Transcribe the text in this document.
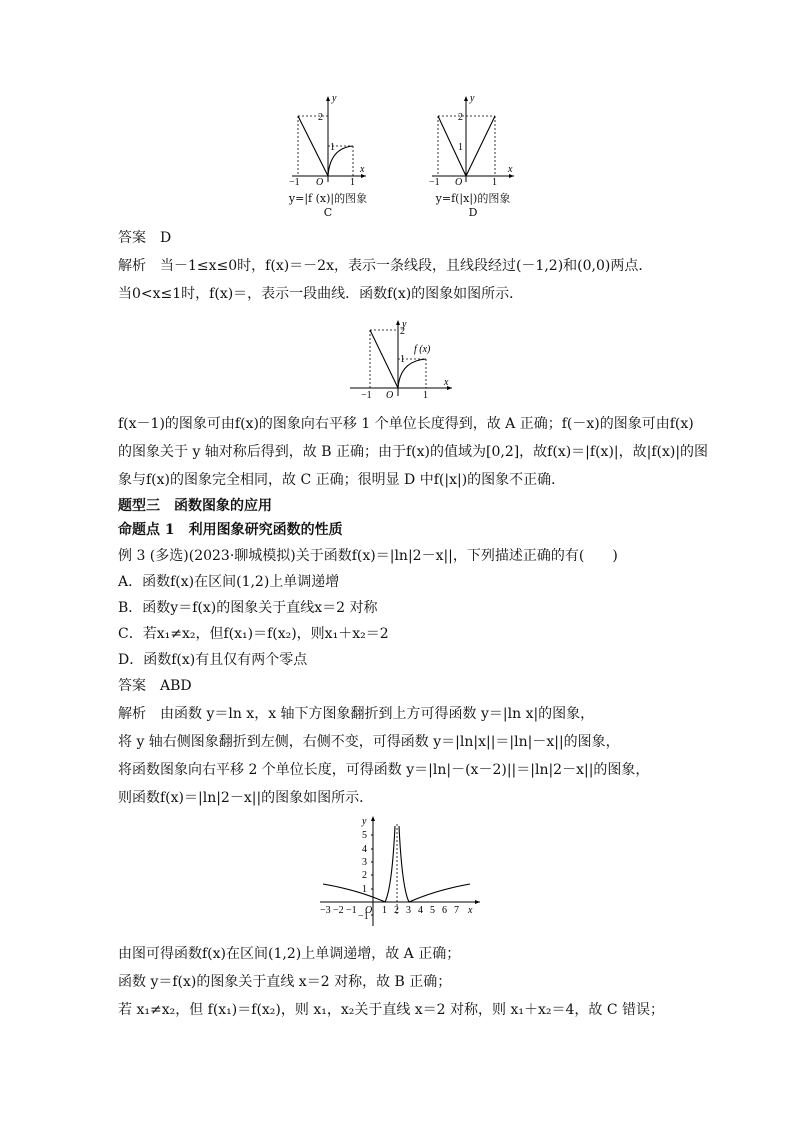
2
1
−1 O	1
x
y
y=|f (x)|的图象
C
2
1
−1 O	1
x
y
y=f(|x|)的图象
D
答案　D
解析　当－1≤x≤0时，f(x)＝－2x，表示一条线段，且线段经过(－1,2)和(0,0)两点．
当0<x≤1时，f(x)＝，表示一段曲线．函数f(x)的图象如图所示．
2
1
f (x)
−1 O	1
x
y
f(x－1)的图象可由f(x)的图象向右平移 1 个单位长度得到，故 A 正确；f(－x)的图象可由f(x)
的图象关于 y 轴对称后得到，故 B 正确；由于f(x)的值域为[0,2]，故f(x)＝|f(x)|，故|f(x)|的图
象与f(x)的图象完全相同，故 C 正确；很明显 D 中f(|x|)的图象不正确．
题型三　函数图象的应用
命题点 1　利用图象研究函数的性质
例 3 (多选)(2023·聊城模拟)关于函数f(x)＝|ln|2－x||，下列描述正确的有(　　)
A．函数f(x)在区间(1,2)上单调递增
B．函数y＝f(x)的图象关于直线x＝2 对称
C．若x₁≠x₂，但f(x₁)＝f(x₂)，则x₁＋x₂＝2
D．函数f(x)有且仅有两个零点
答案　ABD
解析　由函数 y＝ln x，x 轴下方图象翻折到上方可得函数 y＝|ln x|的图象，
将 y 轴右侧图象翻折到左侧，右侧不变，可得函数 y＝|ln|x||＝|ln|－x||的图象，
将函数图象向右平移 2 个单位长度，可得函数 y＝|ln|－(x－2)||＝|ln|2－x||的图象，
则函数f(x)＝|ln|2－x||的图象如图所示．
5
4
3
2
1
−1
−3 −2 −1 O 1 2 3 4 5 6 7 x
y
由图可得函数f(x)在区间(1,2)上单调递增，故 A 正确；
函数 y＝f(x)的图象关于直线 x＝2 对称，故 B 正确；
若 x₁≠x₂，但 f(x₁)＝f(x₂)，则 x₁，x₂关于直线 x＝2 对称，则 x₁＋x₂＝4，故 C 错误；
